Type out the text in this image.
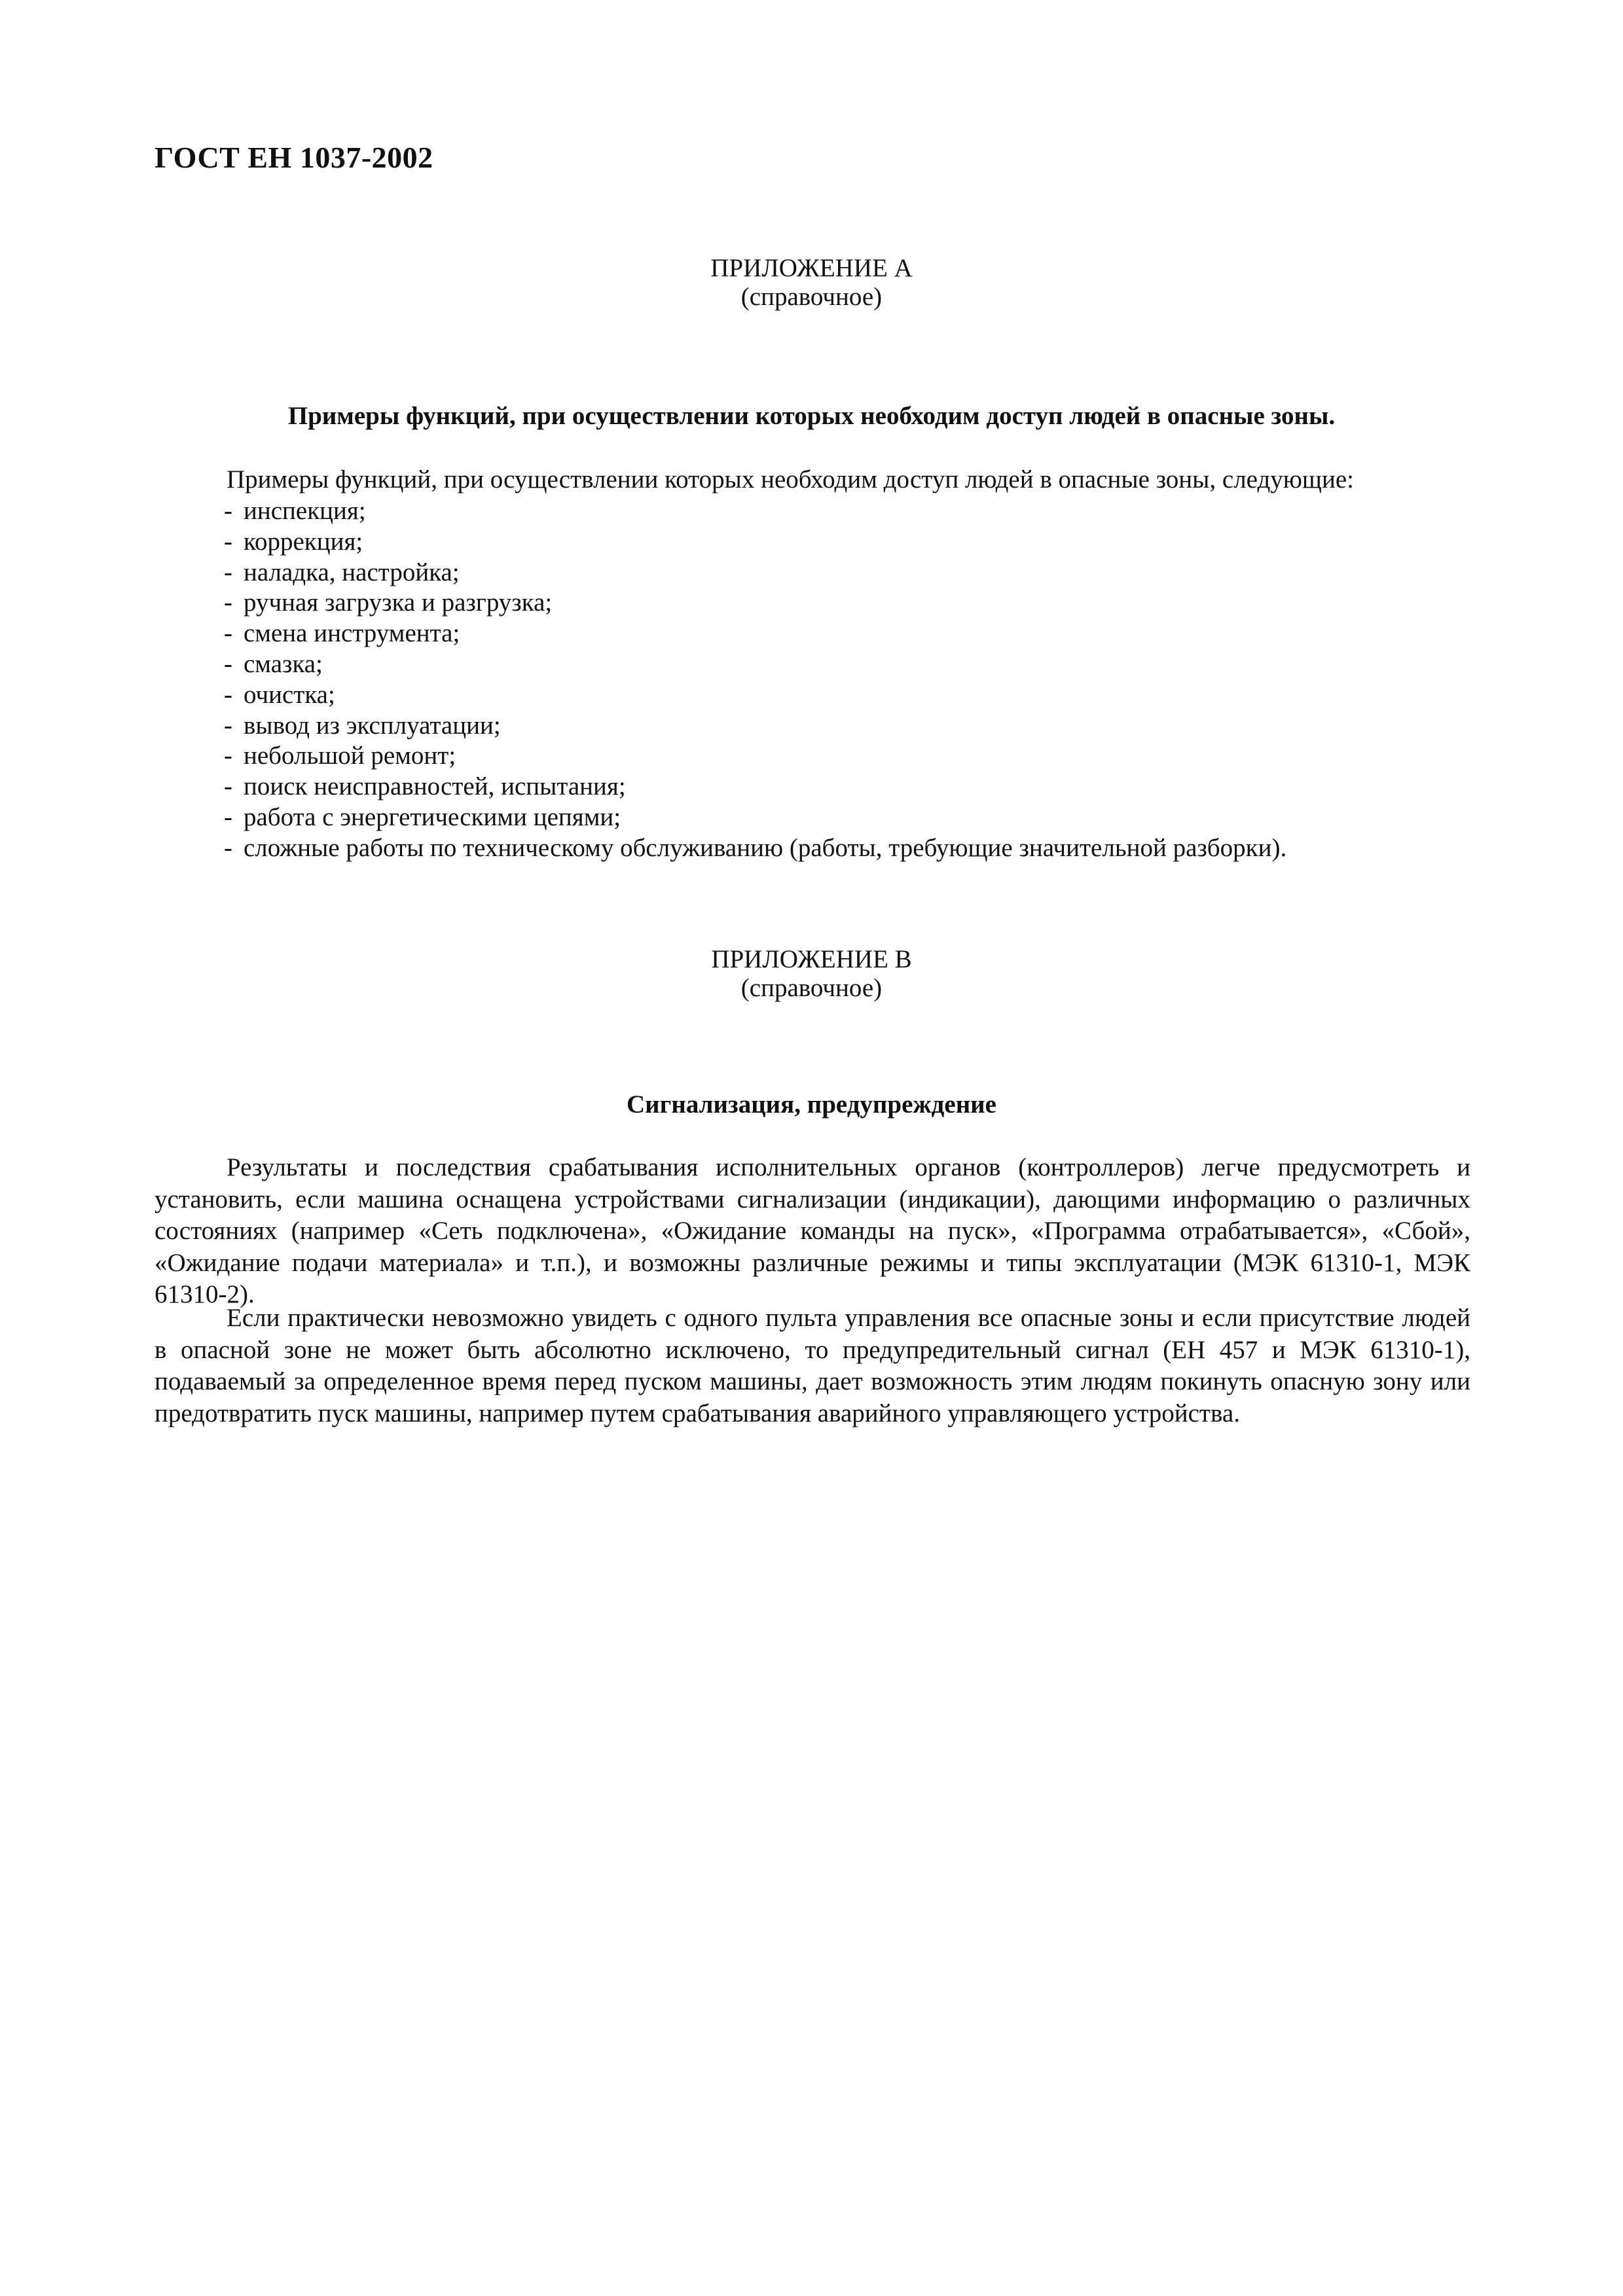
ГОСТ ЕН 1037-2002
ПРИЛОЖЕНИЕ А
(справочное)
Примеры функций, при осуществлении которых необходим доступ людей в опасные зоны.
Примеры функций, при осуществлении которых необходим доступ людей в опасные зоны, следующие:
- инспекция;
- коррекция;
- наладка, настройка;
- ручная загрузка и разгрузка;
- смена инструмента;
- смазка;
- очистка;
- вывод из эксплуатации;
- небольшой ремонт;
- поиск неисправностей, испытания;
- работа с энергетическими цепями;
- сложные работы по техническому обслуживанию (работы, требующие значительной разборки).
ПРИЛОЖЕНИЕ В
(справочное)
Сигнализация, предупреждение

Результаты и последствия срабатывания исполнительных органов (контроллеров) легче предусмотреть и установить, если машина оснащена устройствами сигнализации (индикации), дающими информацию о различных состояниях (например «Сеть подключена», «Ожидание команды на пуск», «Программа отрабатывается», «Сбой», «Ожидание подачи материала» и т.п.), и возможны различные режимы и типы эксплуатации (МЭК 61310-1, МЭК 61310-2).

Если практически невозможно увидеть с одного пульта управления все опасные зоны и если присутствие людей в опасной зоне не может быть абсолютно исключено, то предупредительный сигнал (ЕН 457 и МЭК 61310-1), подаваемый за определенное время перед пуском машины, дает возможность этим людям покинуть опасную зону или предотвратить пуск машины, например путем срабатывания аварийного управляющего устройства.
